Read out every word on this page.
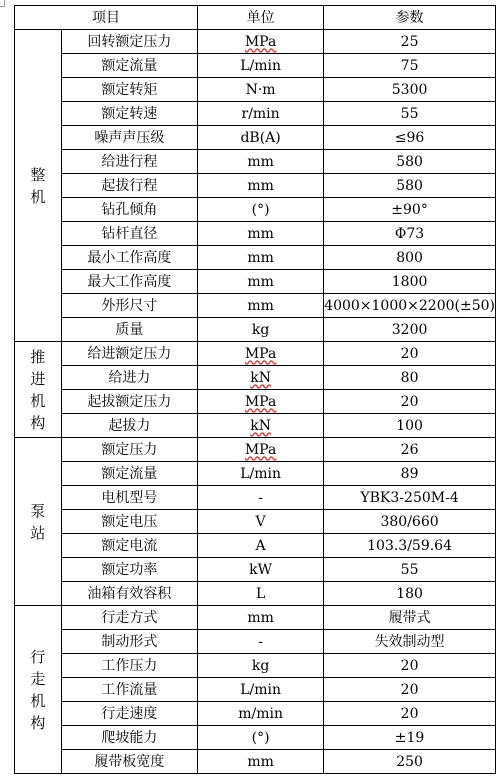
项目		单位	参数

整
机	回转额定压力	MPa	25
	额定流量	L/min	75
	额定转矩	N·m	5300
	额定转速	r/min	55
	噪声声压级	dB(A)	≤96
	给进行程	mm	580
	起拔行程	mm	580
	钻孔倾角	(°)	±90°
	钻杆直径	mm	Φ73
	最小工作高度	mm	800
	最大工作高度	mm	1800
	外形尺寸	mm	4000×1000×2200(±50)
	质量	kg	3200

推
进
机
构	给进额定压力	MPa	20
	给进力	kN	80
	起拔额定压力	MPa	20
	起拔力	kN	100

泵
站	额定压力	MPa	26
	额定流量	L/min	89
	电机型号	-	YBK3-250M-4
	额定电压	V	380/660
	额定电流	A	103.3/59.64
	额定功率	kW	55
	油箱有效容积	L	180

行
走
机
构	行走方式	mm	履带式
	制动形式	-	失效制动型
	工作压力	kg	20
	工作流量	L/min	20
	行走速度	m/min	20
	爬坡能力	(°)	±19
	履带板宽度	mm	250
